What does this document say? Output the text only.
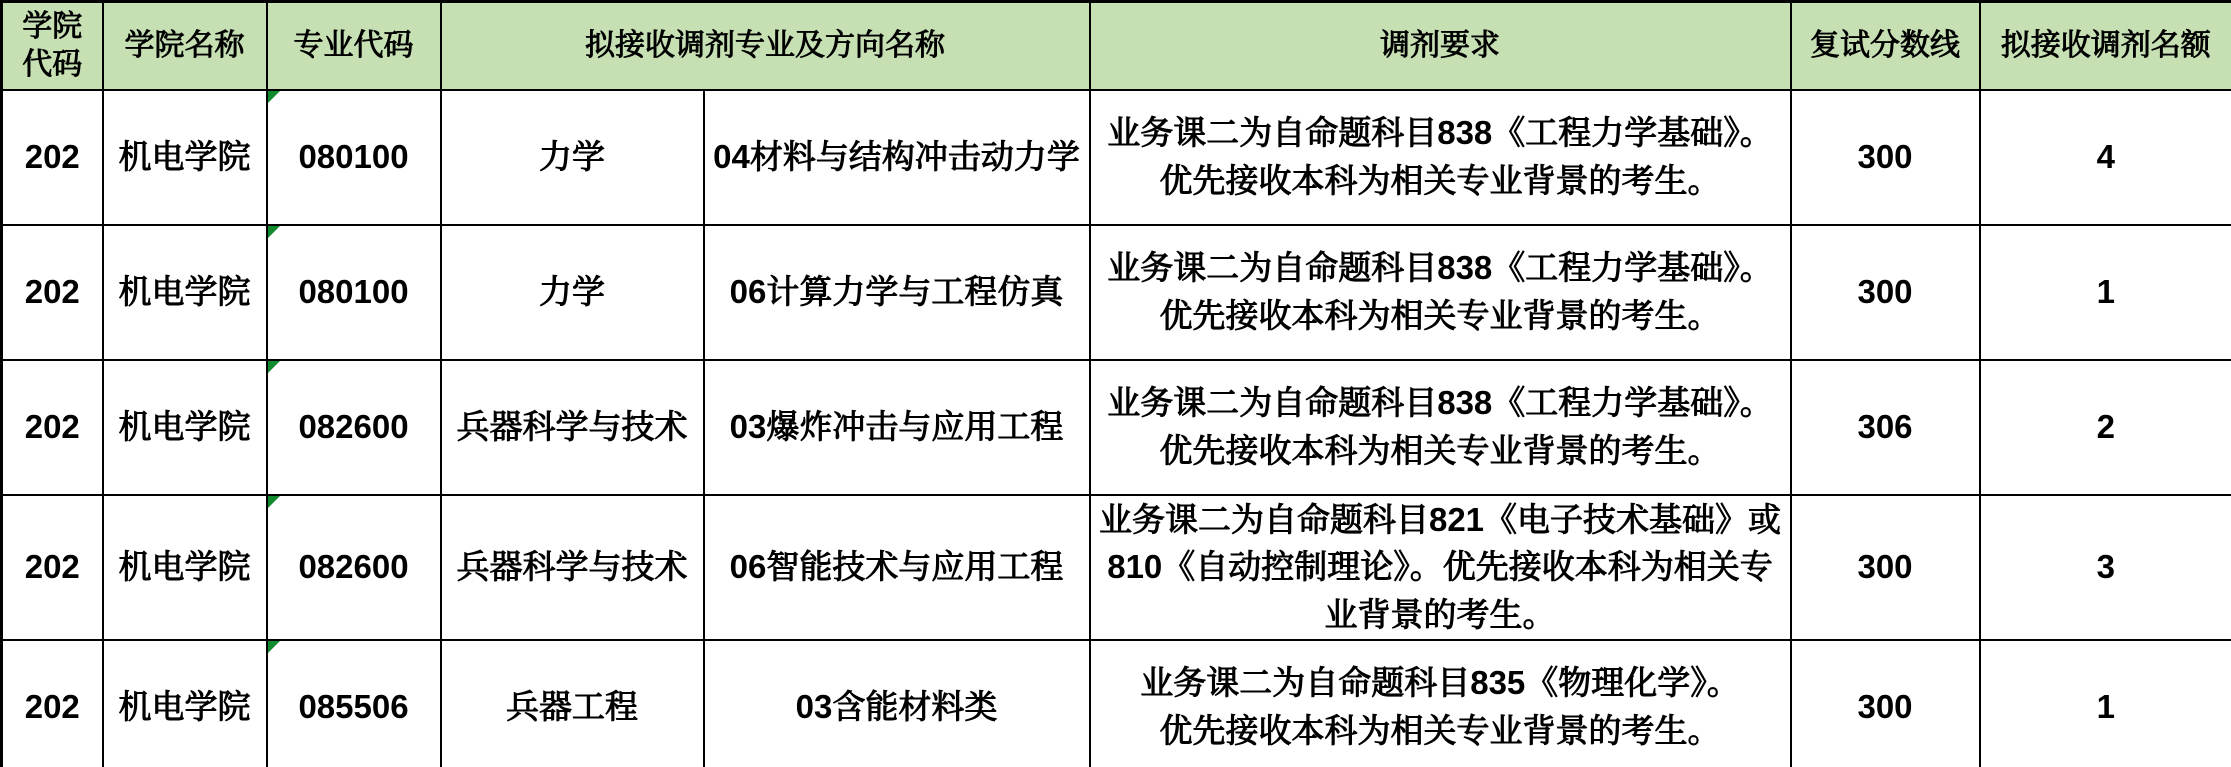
学院代码	学院名称	专业代码	拟接收调剂专业及方向名称		调剂要求	复试分数线	拟接收调剂名额
202	机电学院	080100	力学	04材料与结构冲击动力学	业务课二为自命题科目838《工程力学基础》。
优先接收本科为相关专业背景的考生。	300	4
202	机电学院	080100	力学	06计算力学与工程仿真	业务课二为自命题科目838《工程力学基础》。
优先接收本科为相关专业背景的考生。	300	1
202	机电学院	082600	兵器科学与技术	03爆炸冲击与应用工程	业务课二为自命题科目838《工程力学基础》。
优先接收本科为相关专业背景的考生。	306	2
202	机电学院	082600	兵器科学与技术	06智能技术与应用工程	业务课二为自命题科目821《电子技术基础》或
810《自动控制理论》。优先接收本科为相关专
业背景的考生。	300	3
202	机电学院	085506	兵器工程	03含能材料类	业务课二为自命题科目835《物理化学》。
优先接收本科为相关专业背景的考生。	300	1
